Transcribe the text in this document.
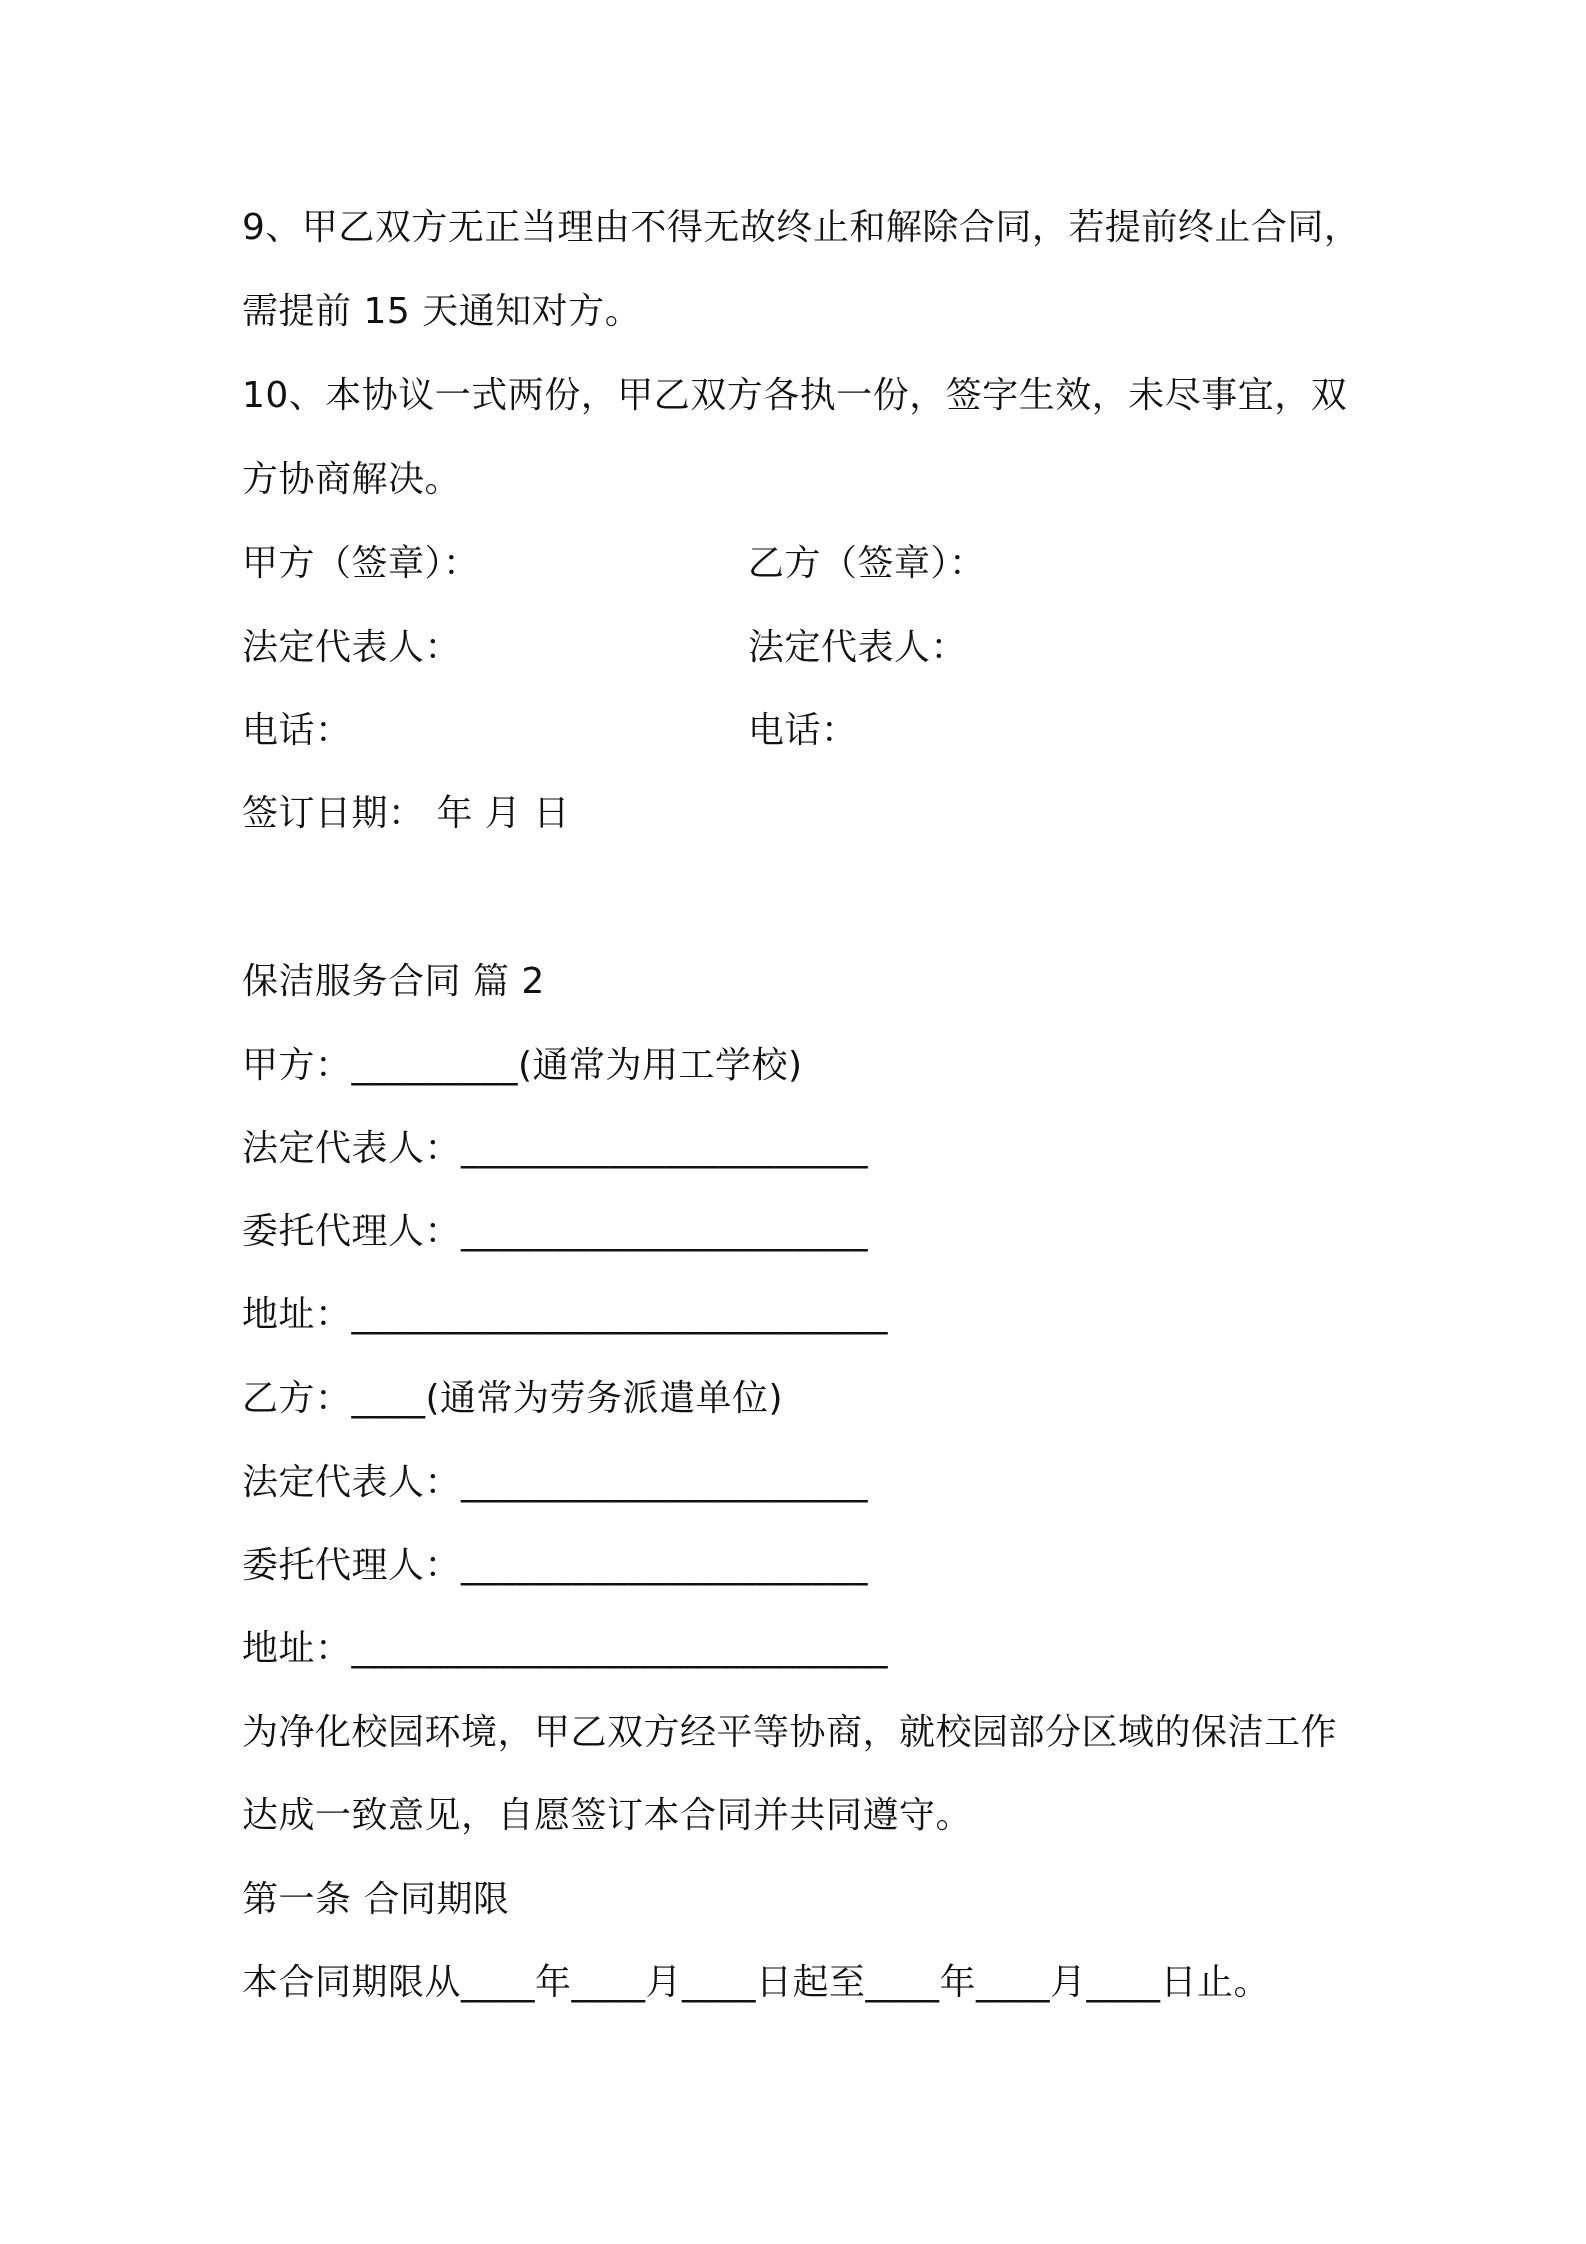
9、甲乙双方无正当理由不得无故终止和解除合同，若提前终止合同，
需提前 15 天通知对方。
10、本协议一式两份，甲乙双方各执一份，签字生效，未尽事宜，双
方协商解决。
甲方（签章）：	乙方（签章）：
法定代表人：	法定代表人：
电话：	电话：
签订日期： 年 月 日
保洁服务合同 篇 2
甲方：_________(通常为用工学校)
法定代表人：______________________
委托代理人：______________________
地址：_____________________________
乙方：____(通常为劳务派遣单位)
法定代表人：______________________
委托代理人：______________________
地址：_____________________________
为净化校园环境，甲乙双方经平等协商，就校园部分区域的保洁工作
达成一致意见，自愿签订本合同并共同遵守。
第一条 合同期限
本合同期限从____年____月____日起至____年____月____日止。
